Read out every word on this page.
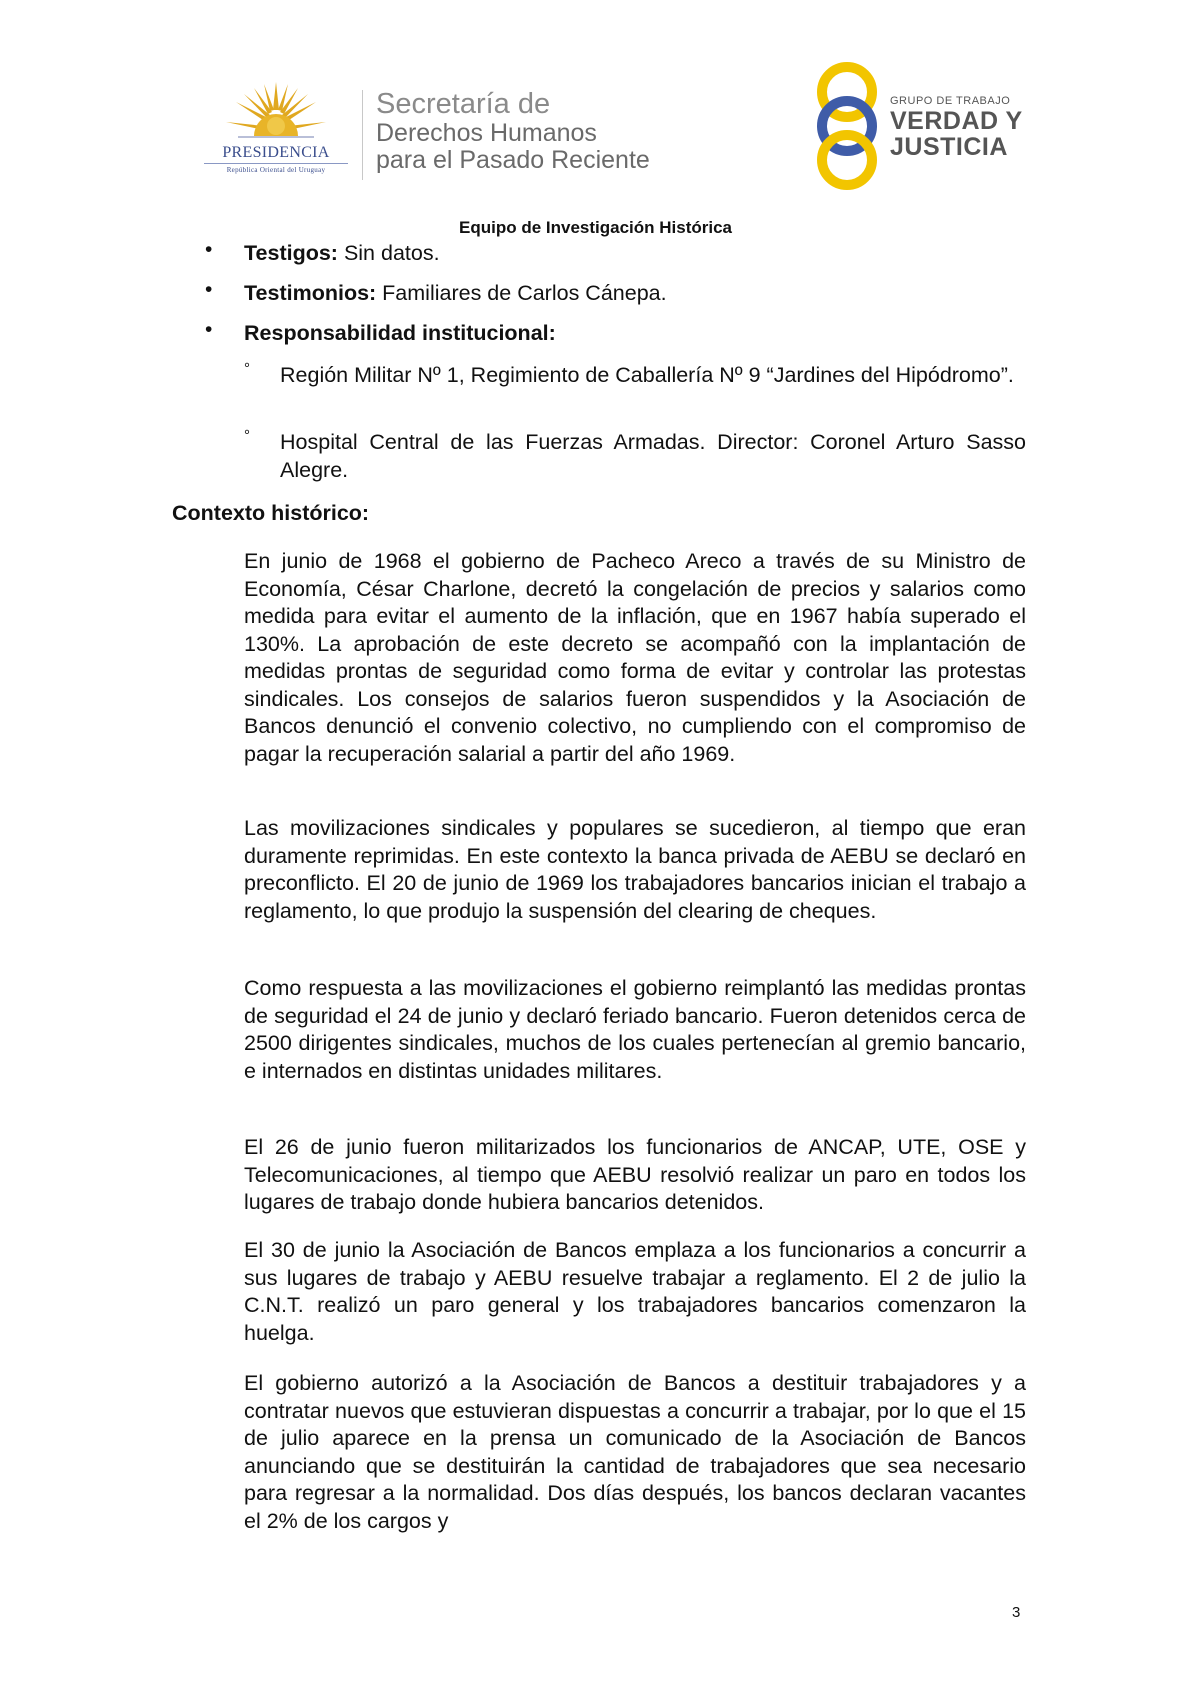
PRESIDENCIA
República Oriental del Uruguay
Secretaría de
Derechos Humanos
para el Pasado Reciente
GRUPO DE TRABAJO
VERDAD Y
JUSTICIA
Equipo de Investigación Histórica
• Testigos: Sin datos.
• Testimonios: Familiares de Carlos Cánepa.
• Responsabilidad institucional:
° Región Militar Nº 1, Regimiento de Caballería Nº 9 “Jardines del Hipódromo”.
° Hospital Central de las Fuerzas Armadas. Director: Coronel Arturo Sasso Alegre.
Contexto histórico:
En junio de 1968 el gobierno de Pacheco Areco a través de su Ministro de Economía, César Charlone, decretó la congelación de precios y salarios como medida para evitar el aumento de la inflación, que en 1967 había superado el 130%. La aprobación de este decreto se acompañó con la implantación de medidas prontas de seguridad como forma de evitar y controlar las protestas sindicales. Los consejos de salarios fueron suspendidos y la Asociación de Bancos denunció el convenio colectivo, no cumpliendo con el compromiso de pagar la recuperación salarial a partir del año 1969.
Las movilizaciones sindicales y populares se sucedieron, al tiempo que eran duramente reprimidas. En este contexto la banca privada de AEBU se declaró en preconflicto. El 20 de junio de 1969 los trabajadores bancarios inician el trabajo a reglamento, lo que produjo la suspensión del clearing de cheques.
Como respuesta a las movilizaciones el gobierno reimplantó las medidas prontas de seguridad el 24 de junio y declaró feriado bancario. Fueron detenidos cerca de 2500 dirigentes sindicales, muchos de los cuales pertenecían al gremio bancario, e internados en distintas unidades militares.
El 26 de junio fueron militarizados los funcionarios de ANCAP, UTE, OSE y Telecomunicaciones, al tiempo que AEBU resolvió realizar un paro en todos los lugares de trabajo donde hubiera bancarios detenidos.
El 30 de junio la Asociación de Bancos emplaza a los funcionarios a concurrir a sus lugares de trabajo y AEBU resuelve trabajar a reglamento. El 2 de julio la C.N.T. realizó un paro general y los trabajadores bancarios comenzaron la huelga.
El gobierno autorizó a la Asociación de Bancos a destituir trabajadores y a contratar nuevos que estuvieran dispuestas a concurrir a trabajar, por lo que el 15 de julio aparece en la prensa un comunicado de la Asociación de Bancos anunciando que se destituirán la cantidad de trabajadores que sea necesario para regresar a la normalidad. Dos días después, los bancos declaran vacantes el 2% de los cargos y
3
